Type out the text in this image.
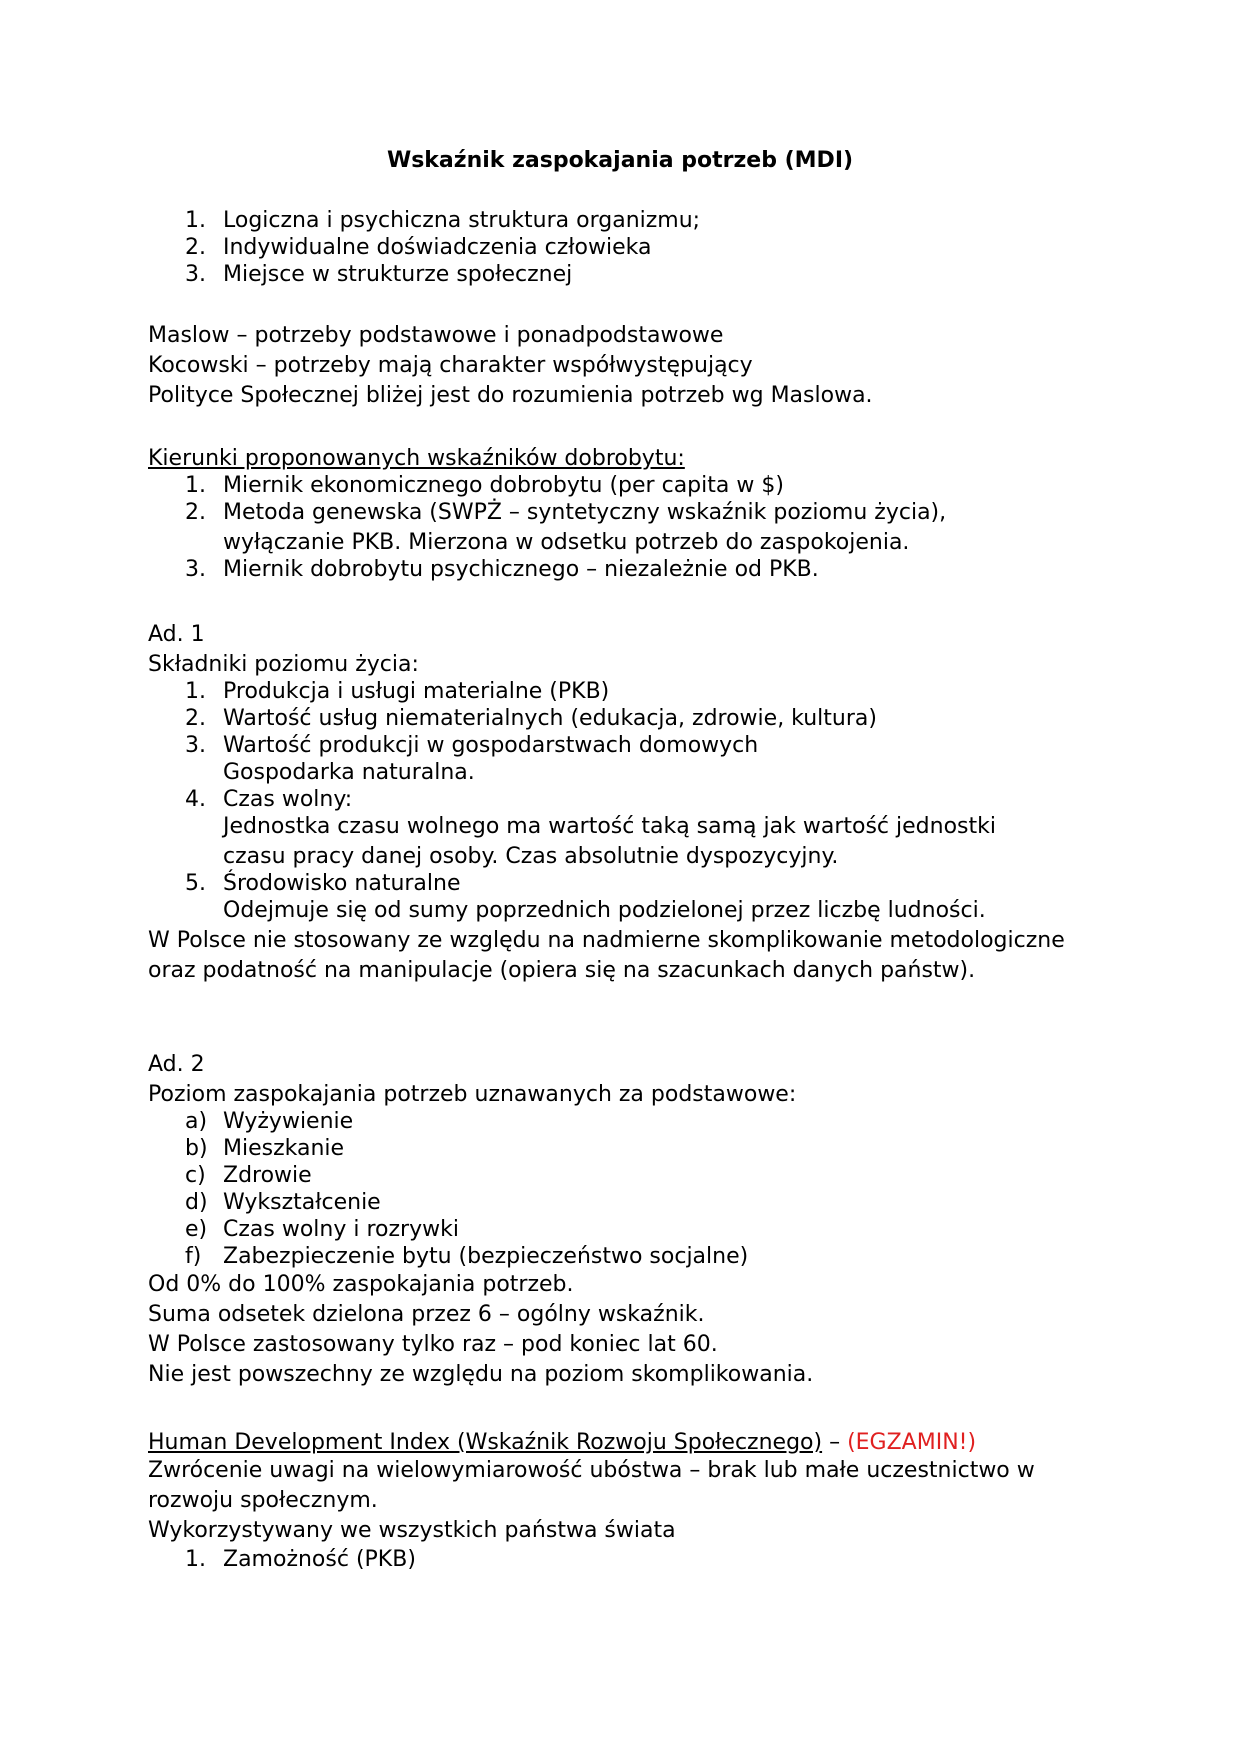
Wskaźnik zaspokajania potrzeb (MDI)
1. Logiczna i psychiczna struktura organizmu;
2. Indywidualne doświadczenia człowieka
3. Miejsce w strukturze społecznej

Maslow – potrzeby podstawowe i ponadpodstawowe

Kocowski – potrzeby mają charakter współwystępujący

Polityce Społecznej bliżej jest do rozumienia potrzeb wg Maslowa.

Kierunki proponowanych wskaźników dobrobytu:

1. Miernik ekonomicznego dobrobytu (per capita w $)
2. Metoda genewska (SWPŻ – syntetyczny wskaźnik poziomu życia),
wyłączanie PKB. Mierzona w odsetku potrzeb do zaspokojenia.
3. Miernik dobrobytu psychicznego – niezależnie od PKB.

Ad. 1

Składniki poziomu życia:

1. Produkcja i usługi materialne (PKB)
2. Wartość usług niematerialnych (edukacja, zdrowie, kultura)
3. Wartość produkcji w gospodarstwach domowych
Gospodarka naturalna.
4. Czas wolny:
Jednostka czasu wolnego ma wartość taką samą jak wartość jednostki
czasu pracy danej osoby. Czas absolutnie dyspozycyjny.
5. Środowisko naturalne
Odejmuje się od sumy poprzednich podzielonej przez liczbę ludności.

W Polsce nie stosowany ze względu na nadmierne skomplikowanie metodologiczne oraz podatność na manipulacje (opiera się na szacunkach danych państw).

Ad. 2

Poziom zaspokajania potrzeb uznawanych za podstawowe:

a) Wyżywienie
b) Mieszkanie
c) Zdrowie
d) Wykształcenie
e) Czas wolny i rozrywki
f) Zabezpieczenie bytu (bezpieczeństwo socjalne)

Od 0% do 100% zaspokajania potrzeb.

Suma odsetek dzielona przez 6 – ogólny wskaźnik.

W Polsce zastosowany tylko raz – pod koniec lat 60.

Nie jest powszechny ze względu na poziom skomplikowania.

Human Development Index (Wskaźnik Rozwoju Społecznego) – (EGZAMIN!)

Zwrócenie uwagi na wielowymiarowość ubóstwa – brak lub małe uczestnictwo w rozwoju społecznym.

Wykorzystywany we wszystkich państwa świata

1. Zamożność (PKB)
